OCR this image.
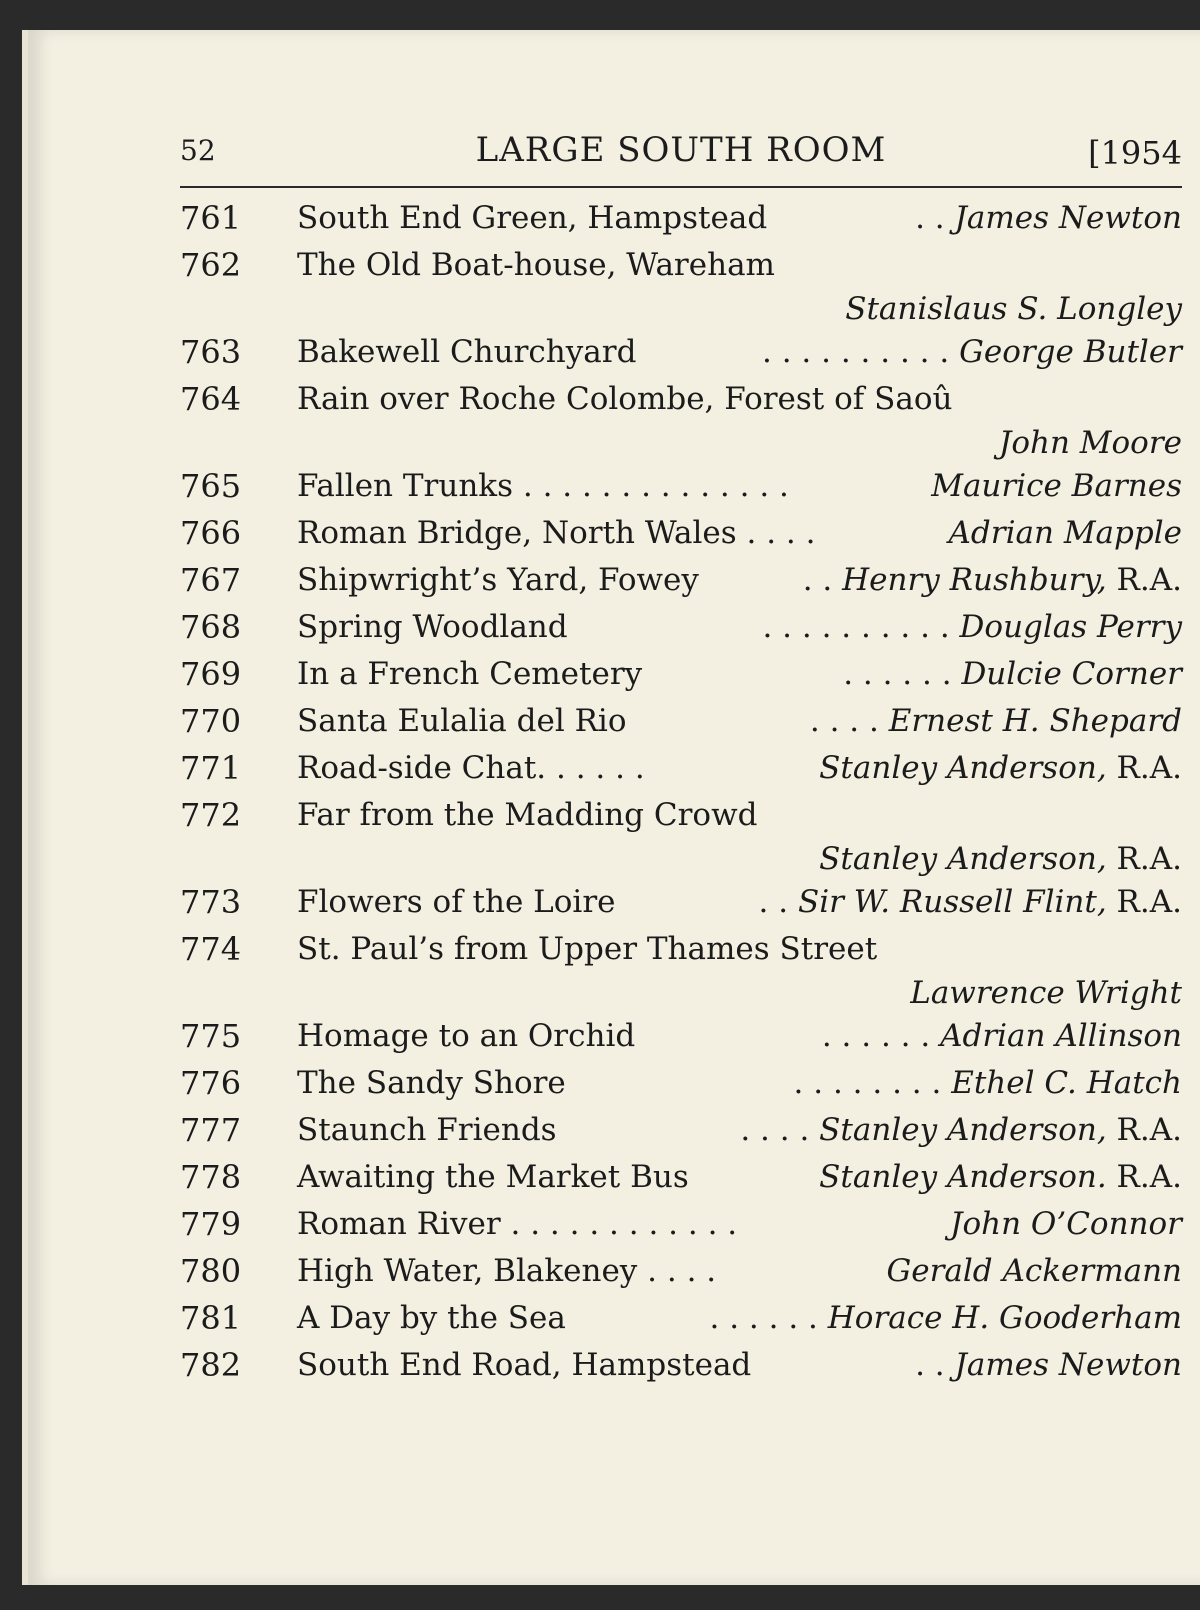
52	LARGE SOUTH ROOM	[1954
761 South End Green, Hampstead	. . James Newton
762 The Old Boat-house, Wareham
Stanislaus S. Longley
763 Bakewell Churchyard	. . . . . . . . . . George Butler
764 Rain over Roche Colombe, Forest of Saoû
John Moore
765 Fallen Trunks . . . . . . . . . . . . . .	Maurice Barnes
766 Roman Bridge, North Wales . . . .	Adrian Mapple
767 Shipwright’s Yard, Fowey	. . Henry Rushbury, R.A.
768 Spring Woodland	. . . . . . . . . . Douglas Perry
769 In a French Cemetery	. . . . . . Dulcie Corner
770 Santa Eulalia del Rio	. . . . Ernest H. Shepard
771 Road-side Chat. . . . . .	Stanley Anderson, R.A.
772 Far from the Madding Crowd
Stanley Anderson, R.A.
773 Flowers of the Loire	. . Sir W. Russell Flint, R.A.
774 St. Paul’s from Upper Thames Street
Lawrence Wright
775 Homage to an Orchid	. . . . . . Adrian Allinson
776 The Sandy Shore	. . . . . . . . Ethel C. Hatch
777 Staunch Friends	. . . . Stanley Anderson, R.A.
778 Awaiting the Market Bus	Stanley Anderson. R.A.
779 Roman River . . . . . . . . . . . .	John O’Connor
780 High Water, Blakeney . . . .	Gerald Ackermann
781 A Day by the Sea	. . . . . . Horace H. Gooderham
782 South End Road, Hampstead	. . James Newton
